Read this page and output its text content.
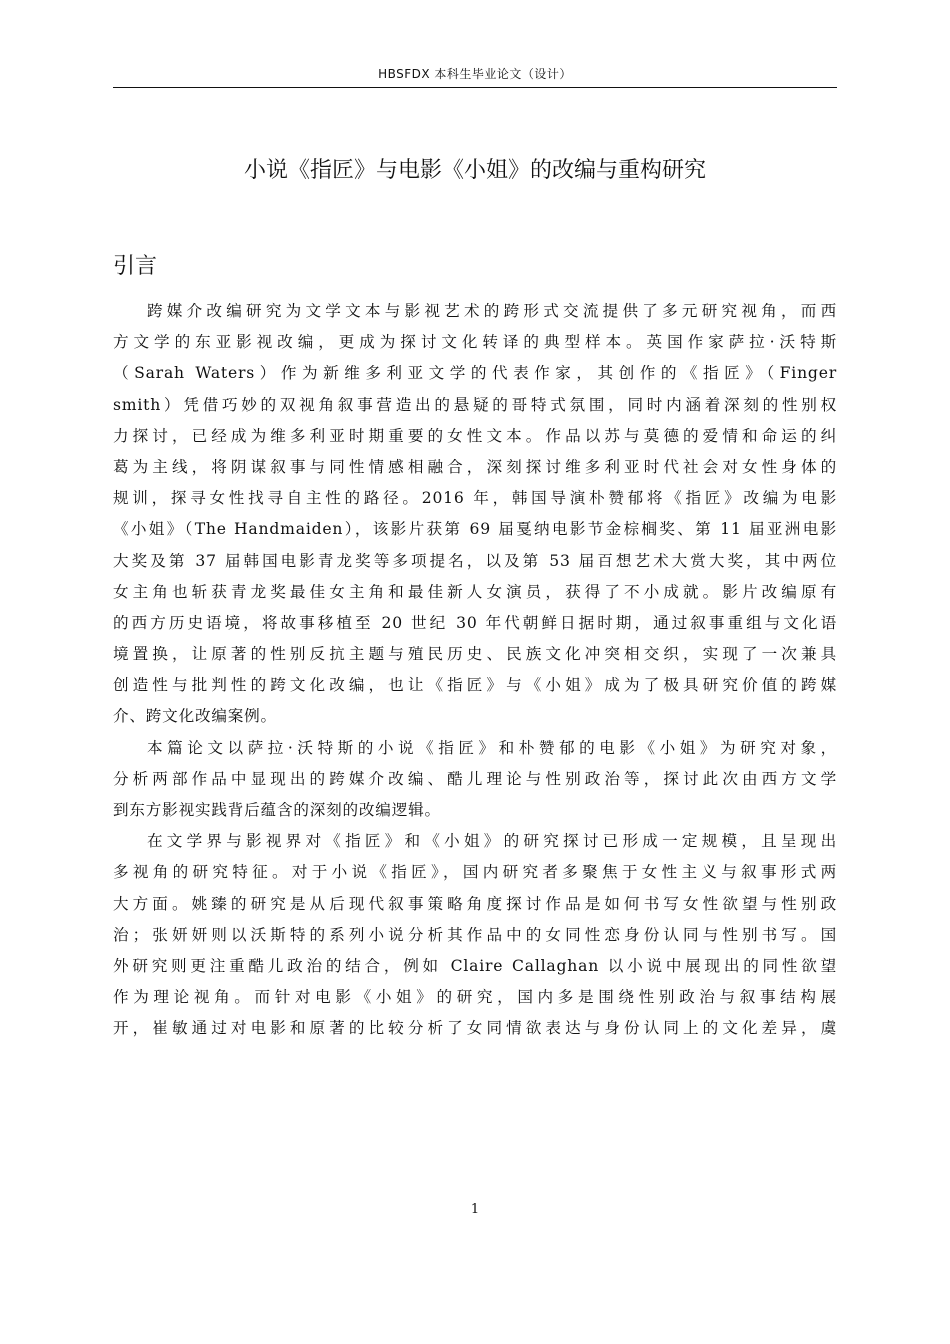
HBSFDX 本科生毕业论文（设计）
小说《指匠》与电影《小姐》的改编与重构研究
引言
跨媒介改编研究为文学文本与影视艺术的跨形式交流提供了多元研究视角，而西
方文学的东亚影视改编，更成为探讨文化转译的典型样本。英国作家萨拉·沃特斯
（Sarah Waters）作为新维多利亚文学的代表作家，其创作的《指匠》（Finger
smith）凭借巧妙的双视角叙事营造出的悬疑的哥特式氛围，同时内涵着深刻的性别权
力探讨，已经成为维多利亚时期重要的女性文本。作品以苏与莫德的爱情和命运的纠
葛为主线，将阴谋叙事与同性情感相融合，深刻探讨维多利亚时代社会对女性身体的
规训，探寻女性找寻自主性的路径。2016 年，韩国导演朴赞郁将《指匠》改编为电影
《小姐》（The Handmaiden），该影片获第 69 届戛纳电影节金棕榈奖、第 11 届亚洲电影
大奖及第 37 届韩国电影青龙奖等多项提名，以及第 53 届百想艺术大赏大奖，其中两位
女主角也斩获青龙奖最佳女主角和最佳新人女演员，获得了不小成就。影片改编原有
的西方历史语境，将故事移植至 20 世纪 30 年代朝鲜日据时期，通过叙事重组与文化语
境置换，让原著的性别反抗主题与殖民历史、民族文化冲突相交织，实现了一次兼具
创造性与批判性的跨文化改编，也让《指匠》与《小姐》成为了极具研究价值的跨媒
介、跨文化改编案例。
本篇论文以萨拉·沃特斯的小说《指匠》和朴赞郁的电影《小姐》为研究对象，
分析两部作品中显现出的跨媒介改编、酷儿理论与性别政治等，探讨此次由西方文学
到东方影视实践背后蕴含的深刻的改编逻辑。
在文学界与影视界对《指匠》和《小姐》的研究探讨已形成一定规模，且呈现出
多视角的研究特征。对于小说《指匠》，国内研究者多聚焦于女性主义与叙事形式两
大方面。姚臻的研究是从后现代叙事策略角度探讨作品是如何书写女性欲望与性别政
治；张妍妍则以沃斯特的系列小说分析其作品中的女同性恋身份认同与性别书写。国
外研究则更注重酷儿政治的结合，例如 Claire Callaghan 以小说中展现出的同性欲望
作为理论视角。而针对电影《小姐》的研究，国内多是围绕性别政治与叙事结构展
开，崔敏通过对电影和原著的比较分析了女同情欲表达与身份认同上的文化差异，虞
1
